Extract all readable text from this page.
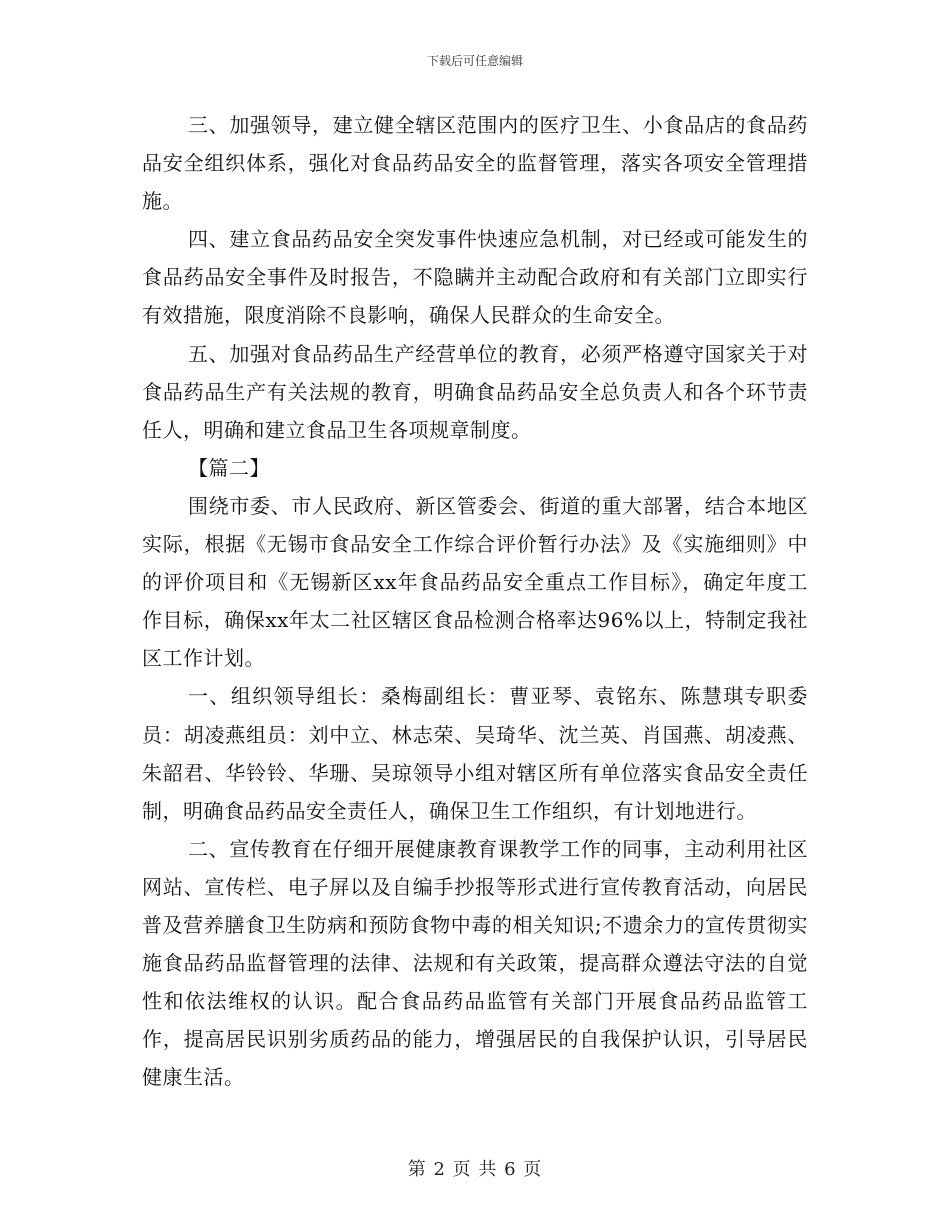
下载后可任意编辑

三、加强领导，建立健全辖区范围内的医疗卫生、小食品店的食品药品安全组织体系，强化对食品药品安全的监督管理，落实各项安全管理措施。

四、建立食品药品安全突发事件快速应急机制，对已经或可能发生的食品药品安全事件及时报告，不隐瞒并主动配合政府和有关部门立即实行有效措施，限度消除不良影响，确保人民群众的生命安全。

五、加强对食品药品生产经营单位的教育，必须严格遵守国家关于对食品药品生产有关法规的教育，明确食品药品安全总负责人和各个环节责任人，明确和建立食品卫生各项规章制度。

【篇二】

围绕市委、市人民政府、新区管委会、街道的重大部署，结合本地区实际，根据《无锡市食品安全工作综合评价暂行办法》及《实施细则》中的评价项目和《无锡新区xx年食品药品安全重点工作目标》，确定年度工作目标，确保xx年太二社区辖区食品检测合格率达96%以上，特制定我社区工作计划。

一、组织领导组长：桑梅副组长：曹亚琴、袁铭东、陈慧琪专职委员：胡凌燕组员：刘中立、林志荣、吴琦华、沈兰英、肖国燕、胡凌燕、朱韶君、华铃铃、华珊、吴琼领导小组对辖区所有单位落实食品安全责任制，明确食品药品安全责任人，确保卫生工作组织，有计划地进行。

二、宣传教育在仔细开展健康教育课教学工作的同事，主动利用社区网站、宣传栏、电子屏以及自编手抄报等形式进行宣传教育活动，向居民普及营养膳食卫生防病和预防食物中毒的相关知识;不遗余力的宣传贯彻实施食品药品监督管理的法律、法规和有关政策，提高群众遵法守法的自觉性和依法维权的认识。配合食品药品监管有关部门开展食品药品监管工作，提高居民识别劣质药品的能力，增强居民的自我保护认识，引导居民健康生活。

第 2 页 共 6 页
